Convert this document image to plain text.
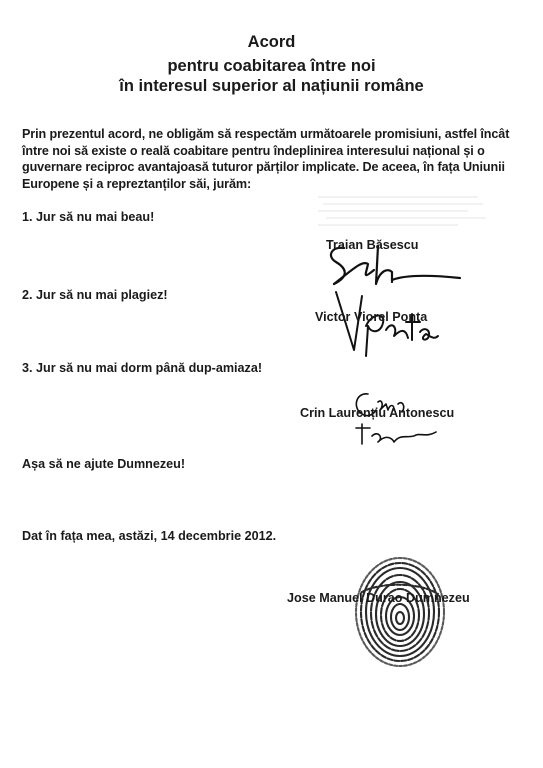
Acord
pentru coabitarea între noi
în interesul superior al națiunii române
Prin prezentul acord, ne obligăm să respectăm următoarele promisiuni, astfel încât
între noi să existe o reală coabitare pentru îndeplinirea interesului național și o
guvernare reciproc avantajoasă tuturor părților implicate. De aceea, în fața Uniunii
Europene și a repreztanților săi, jurăm:
1. Jur să nu mai beau!
Traian Băsescu
2. Jur să nu mai plagiez!
Victor Viorel Ponta
3. Jur să nu mai dorm până dup-amiaza!
Crin Laurențiu Antonescu
Așa să ne ajute Dumnezeu!
Dat în fața mea, astăzi, 14 decembrie 2012.
Jose Manuel Durao Dumnezeu
